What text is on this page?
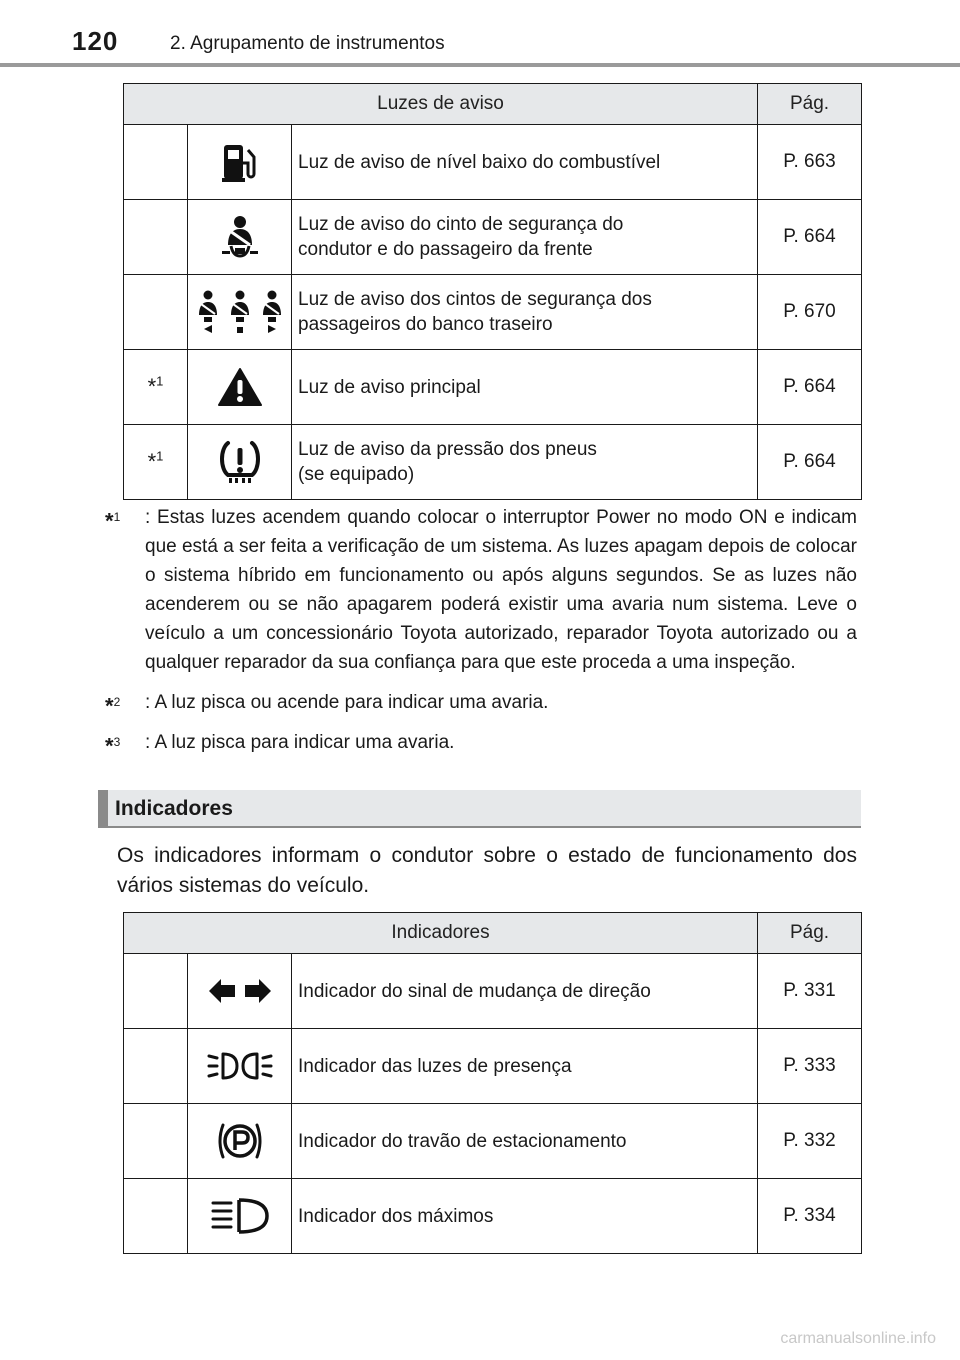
120	2. Agrupamento de instrumentos
Luzes de aviso			Pág.
		Luz de aviso de nível baixo do combustível	P. 663
		Luz de aviso do cinto de segurança do
condutor e do passageiro da frente	P. 664
		Luz de aviso dos cintos de segurança dos
passageiros do banco traseiro	P. 670
*$^1$		Luz de aviso principal	P. 664
*$^1$		Luz de aviso da pressão dos pneus
(se equipado)	P. 664
*$^1$ : Estas luzes acendem quando colocar o interruptor Power no modo ON e indicam que está a ser feita a verificação de um sistema. As luzes apagam depois de colocar o sistema híbrido em funcionamento ou após alguns segundos. Se as luzes não acenderem ou se não apagarem poderá existir uma avaria num sistema. Leve o veículo a um concessionário Toyota autorizado, reparador Toyota autorizado ou a qualquer reparador da sua confiança para que este proceda a uma inspeção.
*$^2$ : A luz pisca ou acende para indicar uma avaria.
*$^3$ : A luz pisca para indicar uma avaria.
Indicadores
Os indicadores informam o condutor sobre o estado de funcionamento dos vários sistemas do veículo.
Indicadores			Pág.
		Indicador do sinal de mudança de direção	P. 331
		Indicador das luzes de presença	P. 333
		Indicador do travão de estacionamento	P. 332
		Indicador dos máximos	P. 334
carmanualsonline.info
